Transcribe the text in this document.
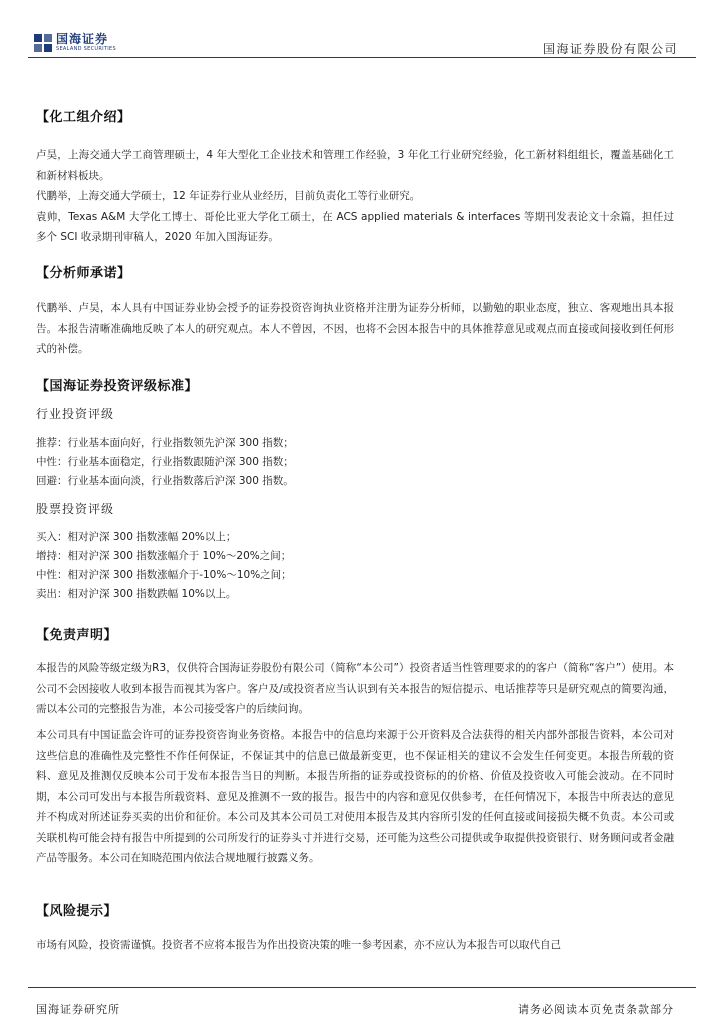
国海证券
SEALAND SECURITIES	国海证券股份有限公司
【化工组介绍】

卢昊，上海交通大学工商管理硕士，4 年大型化工企业技术和管理工作经验，3 年化工行业研究经验，化工新材料组组长，覆盖基础化工和新材料板块。

代鹏举，上海交通大学硕士，12 年证券行业从业经历，目前负责化工等行业研究。

袁帅，Texas A&M 大学化工博士、哥伦比亚大学化工硕士，在 ACS applied materials & interfaces 等期刊发表论文十余篇，担任过多个 SCI 收录期刊审稿人，2020 年加入国海证券。

【分析师承诺】
代鹏举、卢昊，本人具有中国证券业协会授予的证券投资咨询执业资格并注册为证券分析师，以勤勉的职业态度，独立、客观地出具本报告。本报告清晰准确地反映了本人的研究观点。本人不曾因，不因，也将不会因本报告中的具体推荐意见或观点而直接或间接收到任何形式的补偿。
【国海证券投资评级标准】
行业投资评级
推荐：行业基本面向好，行业指数领先沪深 300 指数；
中性：行业基本面稳定，行业指数跟随沪深 300 指数；
回避：行业基本面向淡，行业指数落后沪深 300 指数。
股票投资评级
买入：相对沪深 300 指数涨幅 20%以上；
增持：相对沪深 300 指数涨幅介于 10%～20%之间；
中性：相对沪深 300 指数涨幅介于-10%～10%之间；
卖出：相对沪深 300 指数跌幅 10%以上。
【免责声明】
本报告的风险等级定级为R3，仅供符合国海证券股份有限公司（简称“本公司”）投资者适当性管理要求的的客户（简称“客户”）使用。本公司不会因接收人收到本报告而视其为客户。客户及/或投资者应当认识到有关本报告的短信提示、电话推荐等只是研究观点的简要沟通，需以本公司的完整报告为准，本公司接受客户的后续问询。
本公司具有中国证监会许可的证券投资咨询业务资格。本报告中的信息均来源于公开资料及合法获得的相关内部外部报告资料，本公司对这些信息的准确性及完整性不作任何保证，不保证其中的信息已做最新变更，也不保证相关的建议不会发生任何变更。本报告所载的资料、意见及推测仅反映本公司于发布本报告当日的判断。本报告所指的证券或投资标的的价格、价值及投资收入可能会波动。在不同时期，本公司可发出与本报告所载资料、意见及推测不一致的报告。报告中的内容和意见仅供参考，在任何情况下，本报告中所表达的意见并不构成对所述证券买卖的出价和征价。本公司及其本公司员工对使用本报告及其内容所引发的任何直接或间接损失概不负责。本公司或关联机构可能会持有报告中所提到的公司所发行的证券头寸并进行交易，还可能为这些公司提供或争取提供投资银行、财务顾问或者金融产品等服务。本公司在知晓范围内依法合规地履行披露义务。
【风险提示】
市场有风险，投资需谨慎。投资者不应将本报告为作出投资决策的唯一参考因素，亦不应认为本报告可以取代自己
国海证券研究所	请务必阅读本页免责条款部分
